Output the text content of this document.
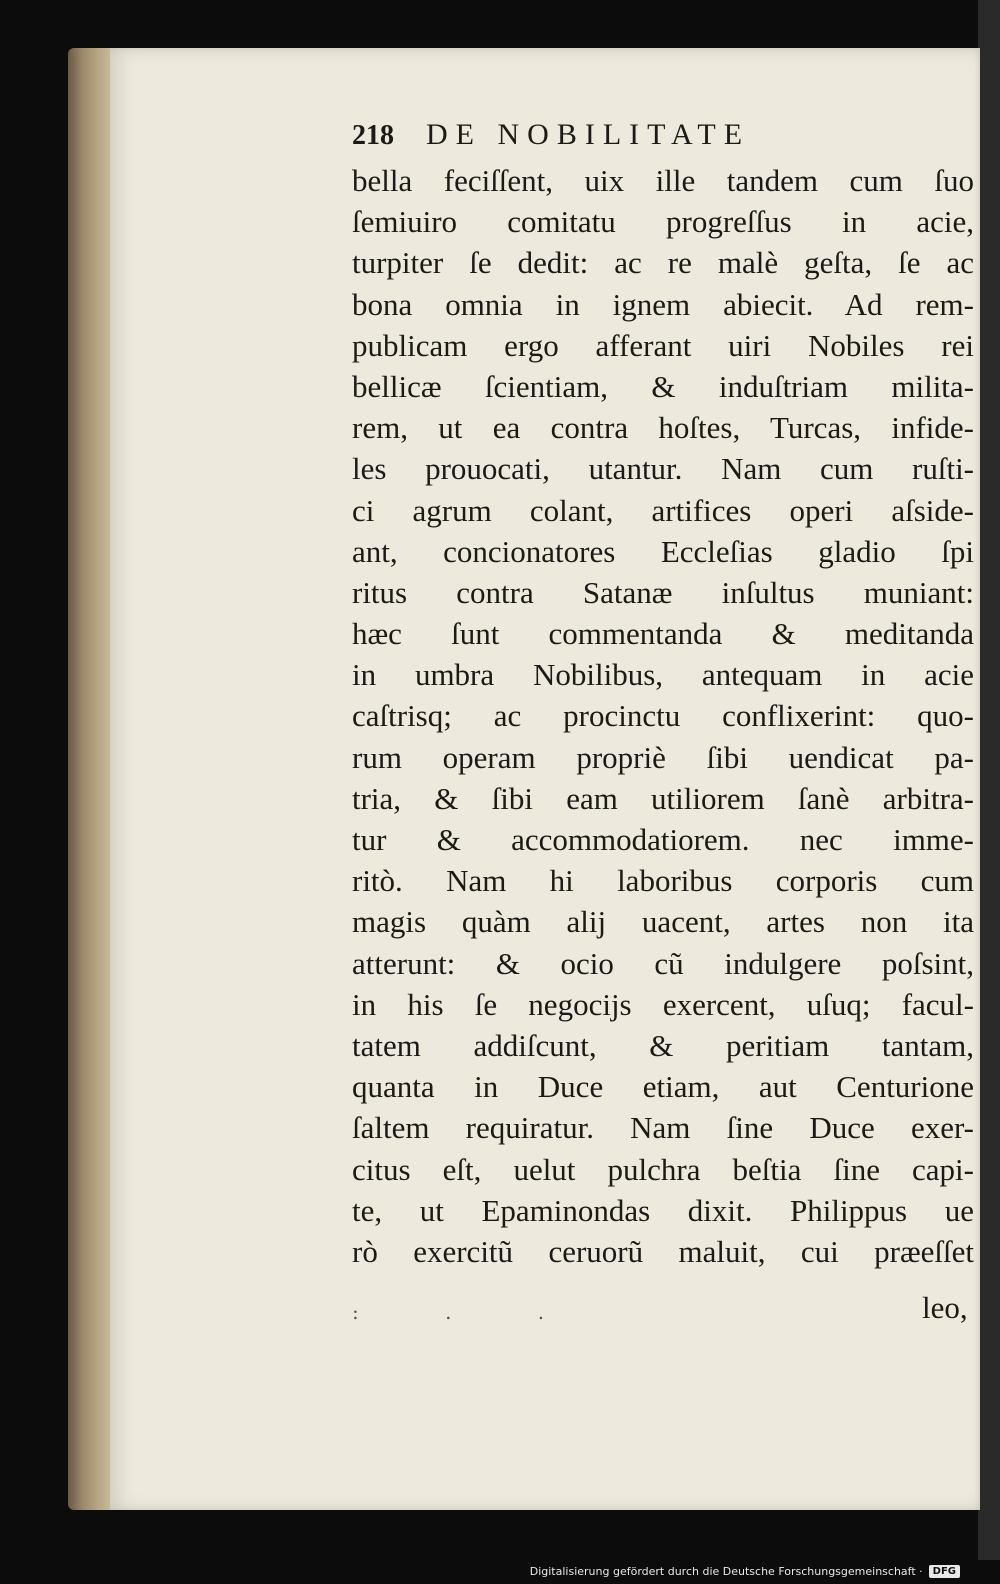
218 DE NOBILITATE
bella feciſſent, uix ille tandem cum ſuo
ſemiuiro comitatu progreſſus in acie,
turpiter ſe dedit: ac re malè geſta, ſe ac
bona omnia in ignem abiecit. Ad rem-
publicam ergo afferant uiri Nobiles rei
bellicæ ſcientiam, & induſtriam milita-
rem, ut ea contra hoſtes, Turcas, infide-
les prouocati, utantur. Nam cum ruſti-
ci agrum colant, artifices operi aſside-
ant, concionatores Eccleſias gladio ſpi
ritus contra Satanæ inſultus muniant:
hæc ſunt commentanda & meditanda
in umbra Nobilibus, antequam in acie
caſtrisq; ac procinctu conflixerint: quo-
rum operam propriè ſibi uendicat pa-
tria, & ſibi eam utiliorem ſanè arbitra-
tur & accommodatiorem. nec imme-
ritò. Nam hi laboribus corporis cum
magis quàm alij uacent, artes non ita
atterunt: & ocio cũ indulgere poſsint,
in his ſe negocijs exercent, uſuq; facul-
tatem addiſcunt, & peritiam tantam,
quanta in Duce etiam, aut Centurione
ſaltem requiratur. Nam ſine Duce exer-
citus eſt, uelut pulchra beſtia ſine capi-
te, ut Epaminondas dixit. Philippus ue
rò exercitũ ceruorũ maluit, cui præeſſet
: . .	leo,
Digitalisierung gefördert durch die Deutsche Forschungsgemeinschaft ·	DFG
